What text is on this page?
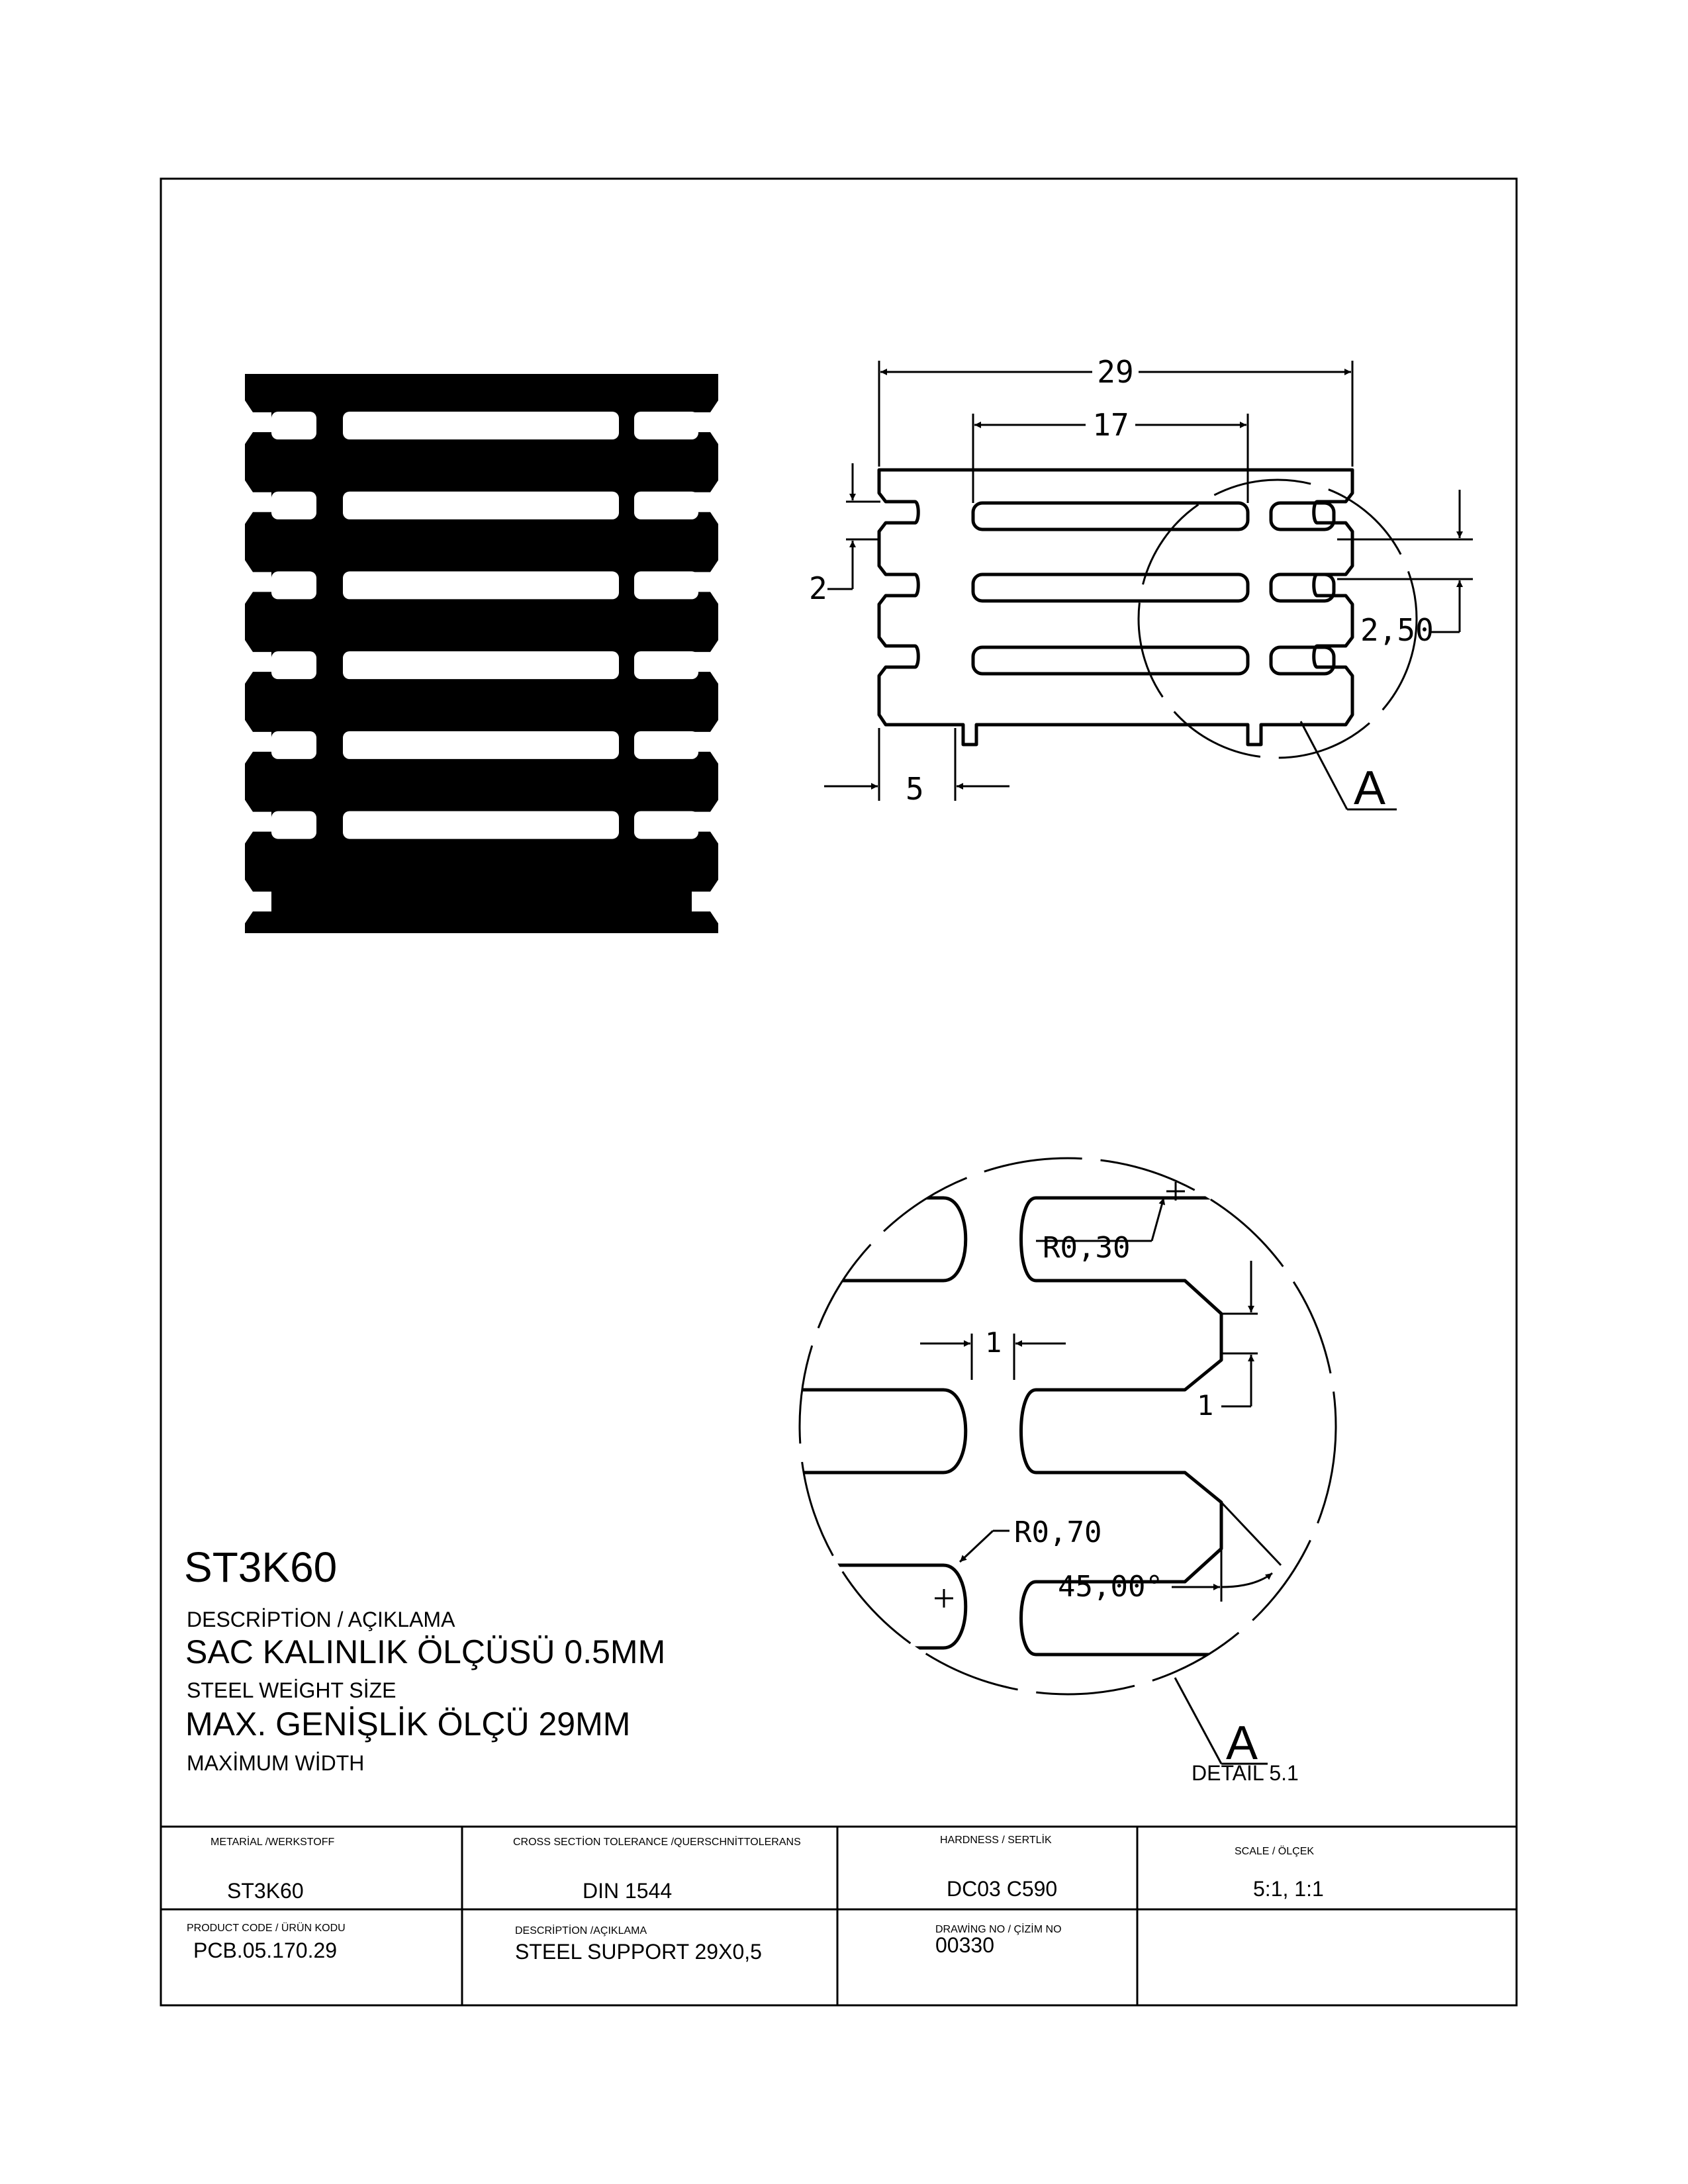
A
29
17
2
2,50
5
R0,30
R0,70
1
1
45,00°
A
DETAIL 5.1
ST3K60
DESCRİPTİON / AÇIKLAMA
SAC KALINLIK ÖLÇÜSÜ 0.5MM
STEEL WEİGHT SİZE
MAX. GENİŞLİK ÖLÇÜ 29MM
MAXİMUM WİDTH
METARİAL /WERKSTOFF
ST3K60
CROSS SECTİON TOLERANCE /QUERSCHNİTTOLERANS
DIN 1544
HARDNESS / SERTLİK
DC03 C590
SCALE / ÖLÇEK
5:1, 1:1
PRODUCT CODE / ÜRÜN KODU
PCB.05.170.29
DESCRİPTİON /AÇIKLAMA
STEEL SUPPORT 29X0,5
DRAWİNG NO / ÇİZİM NO
00330
